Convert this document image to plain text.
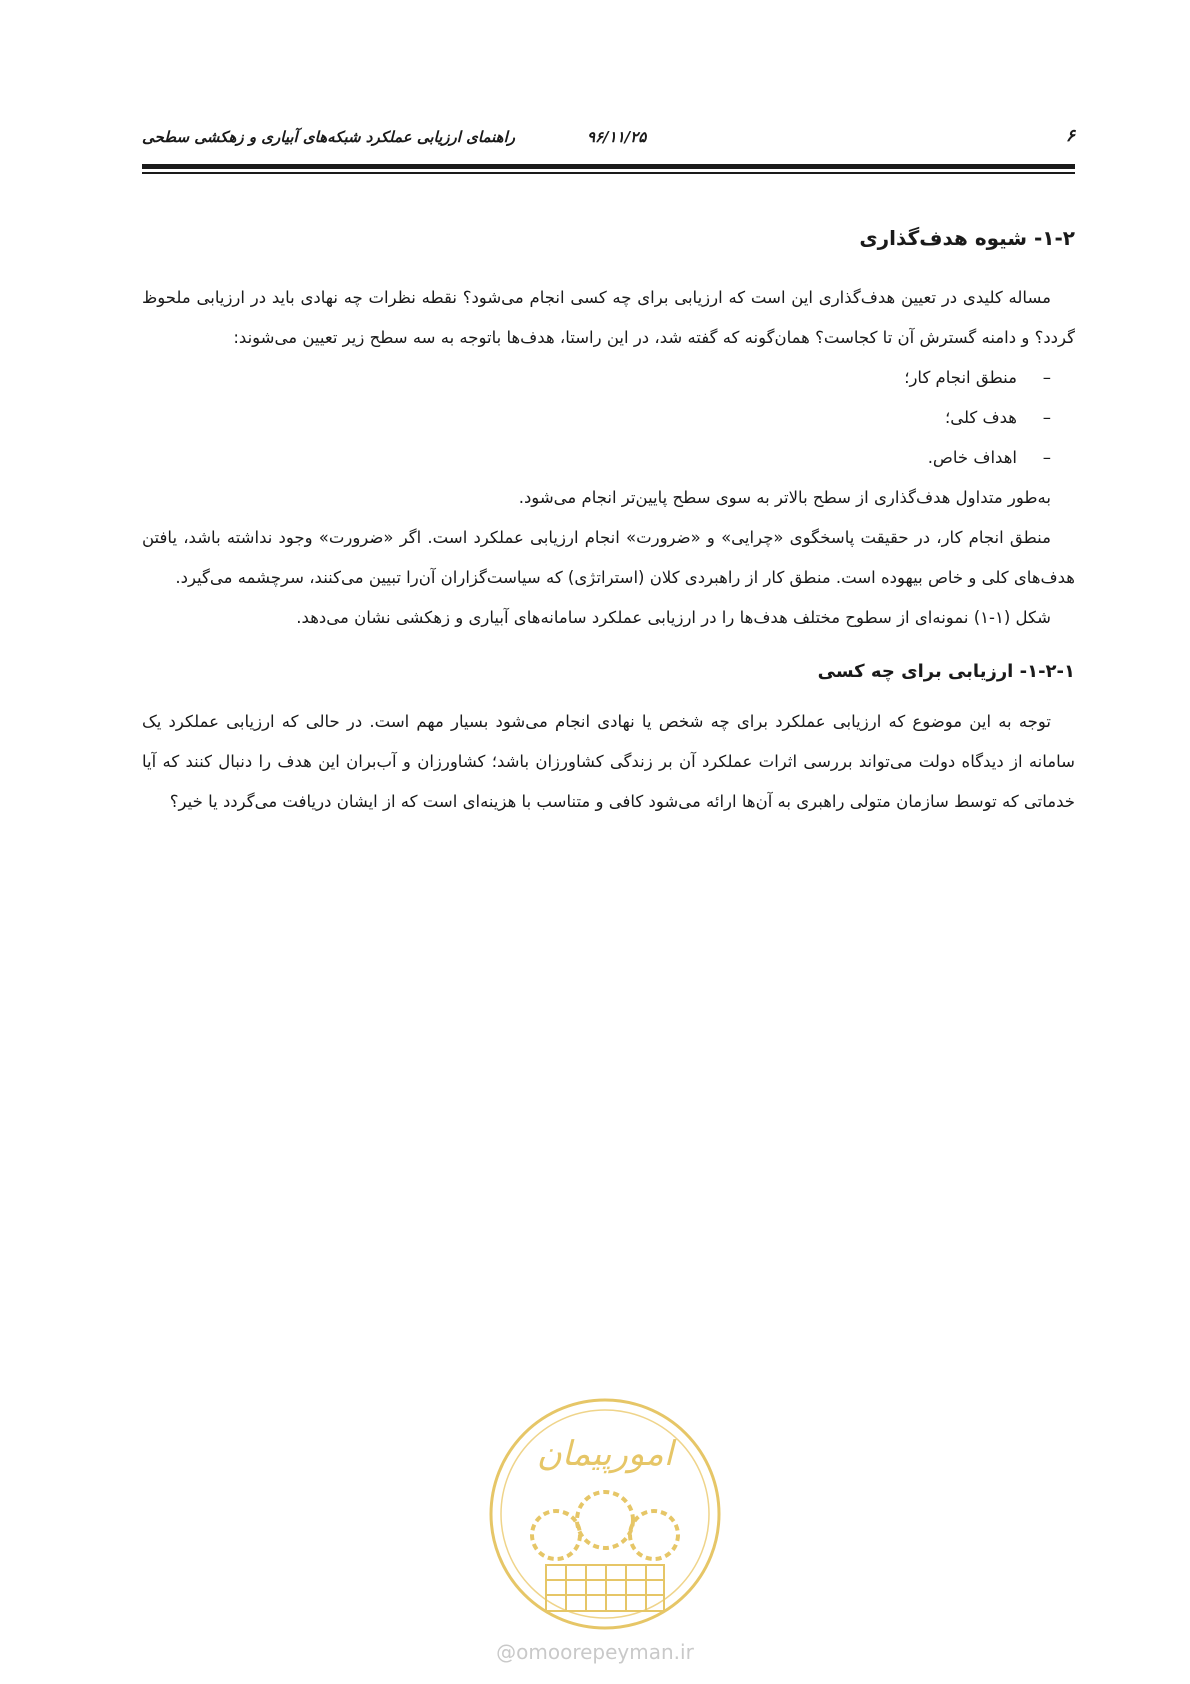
۶
۹۶/۱۱/۲۵
راهنمای ارزیابی عملکرد شبکه‌های آبیاری و زهکشی سطحی
۱-۲- شیوه هدف‌گذاری

مساله کلیدی در تعیین هدف‌گذاری این است که ارزیابی برای چه کسی انجام می‌شود؟ نقطه نظرات چه نهادی باید در ارزیابی ملحوظ گردد؟ و دامنه گسترش آن تا کجاست؟ همان‌گونه که گفته شد، در این راستا، هدف‌ها باتوجه به سه سطح زیر تعیین می‌شوند:

–منطق انجام کار؛
–هدف کلی؛
–اهداف خاص.

به‌طور متداول هدف‌گذاری از سطح بالاتر به سوی سطح پایین‌تر انجام می‌شود.

منطق انجام کار، در حقیقت پاسخگوی «چرایی» و «ضرورت» انجام ارزیابی عملکرد است. اگر «ضرورت» وجود نداشته باشد، یافتن هدف‌های کلی و خاص بیهوده است. منطق کار از راهبردی کلان (استراتژی) که سیاست‌گزاران آن‌را تبیین می‌کنند، سرچشمه می‌گیرد.

شکل (۱-۱) نمونه‌ای از سطوح مختلف هدف‌ها را در ارزیابی عملکرد سامانه‌های آبیاری و زهکشی نشان می‌دهد.

۱-۲-۱- ارزیابی برای چه کسی

توجه به این موضوع که ارزیابی عملکرد برای چه شخص یا نهادی انجام می‌شود بسیار مهم است. در حالی که ارزیابی عملکرد یک سامانه از دیدگاه دولت می‌تواند بررسی اثرات عملکرد آن بر زندگی کشاورزان باشد؛ کشاورزان و آب‌بران این هدف را دنبال کنند که آیا خدماتی که توسط سازمان متولی راهبری به آن‌ها ارائه می‌شود کافی و متناسب با هزینه‌ای است که از ایشان دریافت می‌گردد یا خیر؟

امورپیمان
@omoorepeyman.ir
